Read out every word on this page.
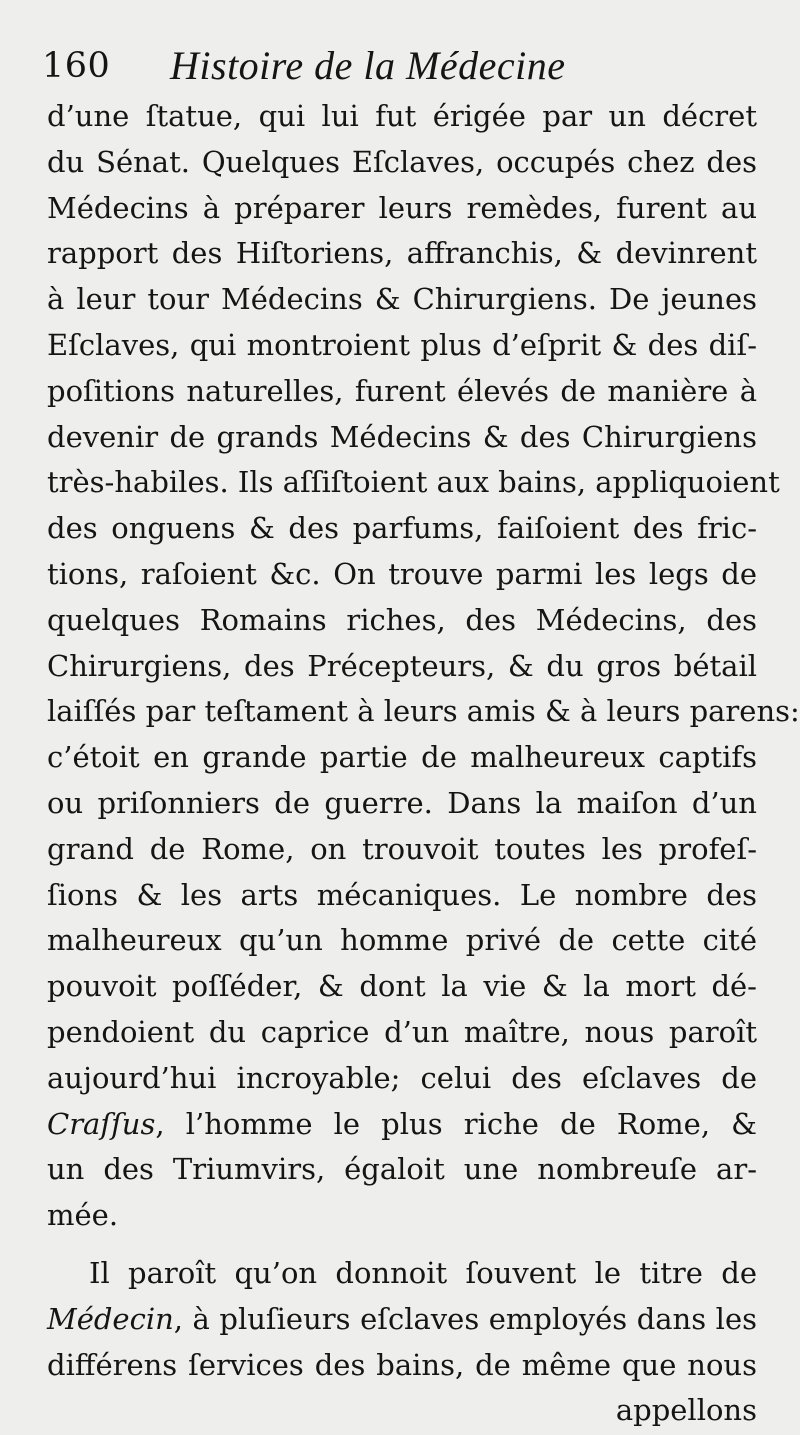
160 Histoire de la Médecine
d’une ſtatue, qui lui fut érigée par un décret
du Sénat. Quelques Eſclaves, occupés chez des
Médecins à préparer leurs remèdes, furent au
rapport des Hiſtoriens, affranchis, & devinrent
à leur tour Médecins & Chirurgiens. De jeunes
Eſclaves, qui montroient plus d’eſprit & des diſ-
poſitions naturelles, furent élevés de manière à
devenir de grands Médecins & des Chirurgiens
très-habiles. Ils aſſiſtoient aux bains, appliquoient
des onguens & des parfums, faiſoient des fric-
tions, raſoient &c. On trouve parmi les legs de
quelques Romains riches, des Médecins, des
Chirurgiens, des Précepteurs, & du gros bétail
laiſſés par teſtament à leurs amis & à leurs parens:
c’étoit en grande partie de malheureux captifs
ou priſonniers de guerre. Dans la maiſon d’un
grand de Rome, on trouvoit toutes les profeſ-
ſions & les arts mécaniques. Le nombre des
malheureux qu’un homme privé de cette cité
pouvoit poſſéder, & dont la vie & la mort dé-
pendoient du caprice d’un maître, nous paroît
aujourd’hui incroyable; celui des eſclaves de
Craſſus, l’homme le plus riche de Rome, &
un des Triumvirs, égaloit une nombreuſe ar-
mée.
Il paroît qu’on donnoit ſouvent le titre de
Médecin, à pluſieurs eſclaves employés dans les
différens ſervices des bains, de même que nous
appellons
